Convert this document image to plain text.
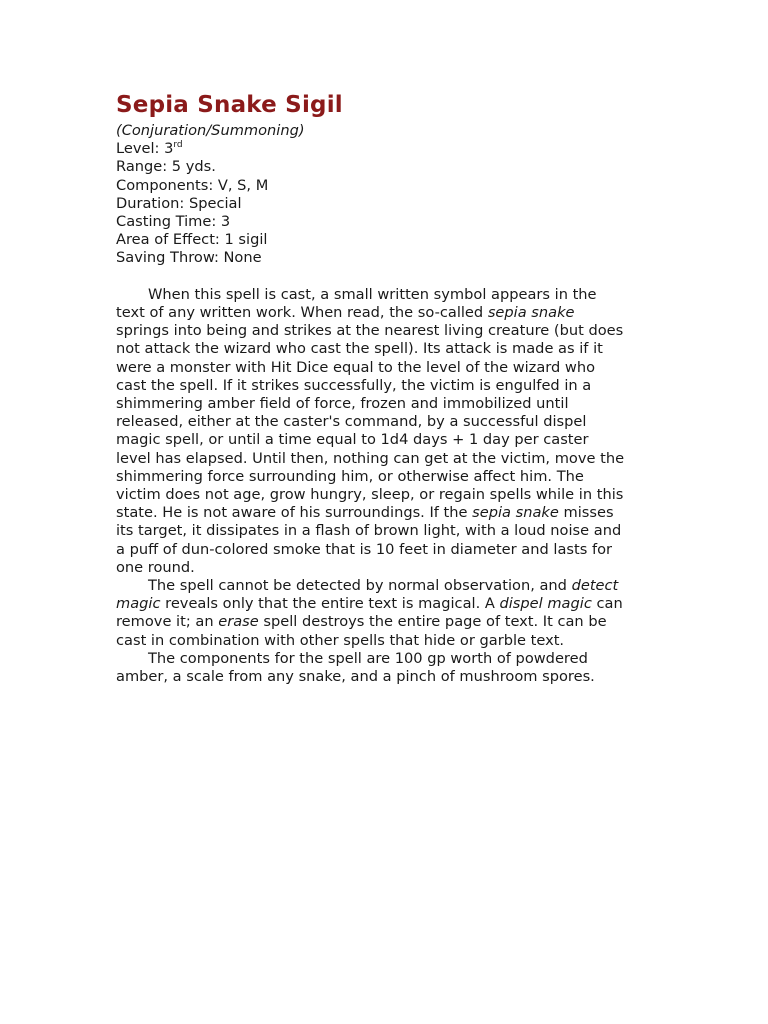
Sepia Snake Sigil

(Conjuration/Summoning)

Level: 3rd

Range: 5 yds.

Components: V, S, M

Duration: Special

Casting Time: 3

Area of Effect: 1 sigil

Saving Throw: None

When this spell is cast, a small written symbol appears in the text of any written work. When read, the so-called sepia snake springs into being and strikes at the nearest living creature (but does not attack the wizard who cast the spell). Its attack is made as if it were a monster with Hit Dice equal to the level of the wizard who cast the spell. If it strikes successfully, the victim is engulfed in a shimmering amber field of force, frozen and immobilized until released, either at the caster's command, by a successful dispel magic spell, or until a time equal to 1d4 days + 1 day per caster level has elapsed. Until then, nothing can get at the victim, move the shimmering force surrounding him, or otherwise affect him. The victim does not age, grow hungry, sleep, or regain spells while in this state. He is not aware of his surroundings. If the sepia snake misses its target, it dissipates in a flash of brown light, with a loud noise and a puff of dun-colored smoke that is 10 feet in diameter and lasts for one round.

The spell cannot be detected by normal observation, and detect magic reveals only that the entire text is magical. A dispel magic can remove it; an erase spell destroys the entire page of text. It can be cast in combination with other spells that hide or garble text.

The components for the spell are 100 gp worth of powdered amber, a scale from any snake, and a pinch of mushroom spores.
